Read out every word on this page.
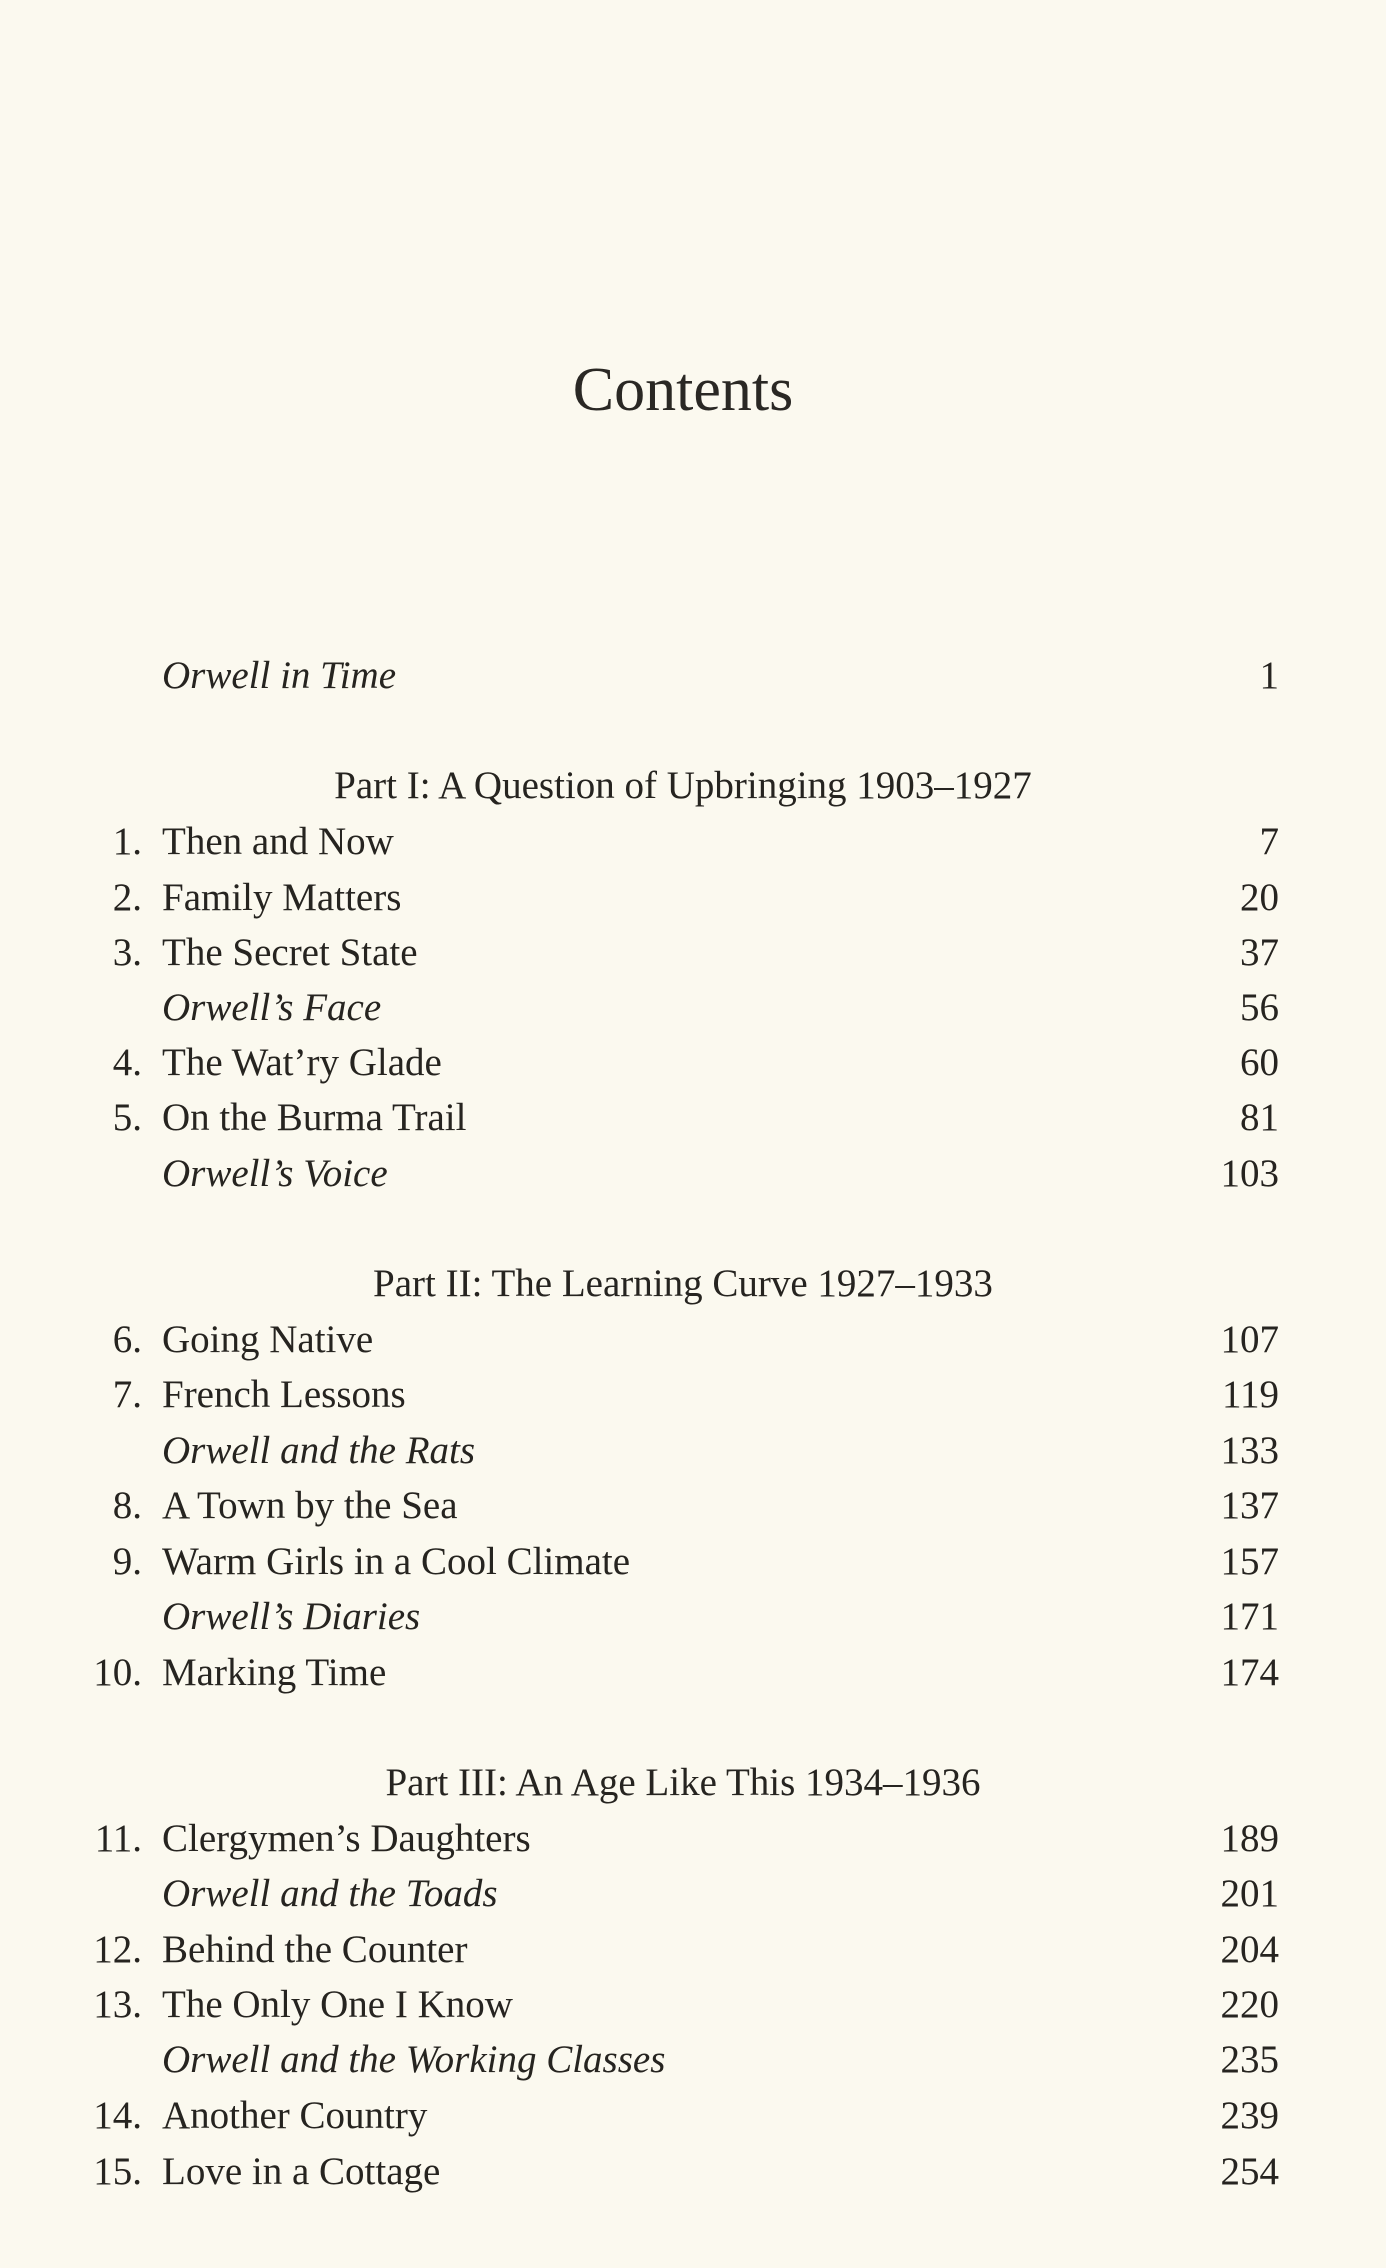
Contents
Orwell in Time	1
Part I: A Question of Upbringing 1903–1927
1. Then and Now	7
2. Family Matters	20
3. The Secret State	37
Orwell’s Face	56
4. The Wat’ry Glade	60
5. On the Burma Trail	81
Orwell’s Voice	103
Part II: The Learning Curve 1927–1933
6. Going Native	107
7. French Lessons	119
Orwell and the Rats	133
8. A Town by the Sea	137
9. Warm Girls in a Cool Climate	157
Orwell’s Diaries	171
10. Marking Time	174
Part III: An Age Like This 1934–1936
11. Clergymen’s Daughters	189
Orwell and the Toads	201
12. Behind the Counter	204
13. The Only One I Know	220
Orwell and the Working Classes	235
14. Another Country	239
15. Love in a Cottage	254
